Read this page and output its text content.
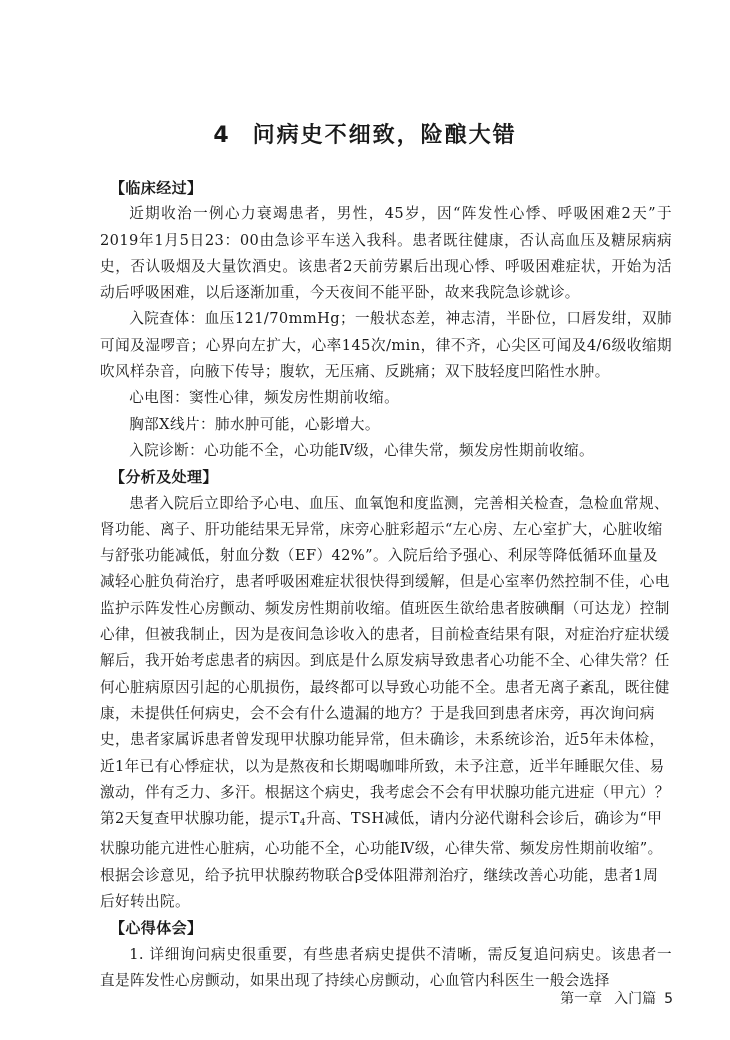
4 问病史不细致，险酿大错
【临床经过】

近期收治一例心力衰竭患者，男性，45岁，因“阵发性心悸、呼吸困难2天”于2019年1月5日23：00由急诊平车送入我科。患者既往健康，否认高血压及糖尿病病史，否认吸烟及大量饮酒史。该患者2天前劳累后出现心悸、呼吸困难症状，开始为活动后呼吸困难，以后逐渐加重，今天夜间不能平卧，故来我院急诊就诊。

入院查体：血压121/70mmHg；一般状态差，神志清，半卧位，口唇发绀，双肺可闻及湿啰音；心界向左扩大，心率145次/min，律不齐，心尖区可闻及4/6级收缩期吹风样杂音，向腋下传导；腹软，无压痛、反跳痛；双下肢轻度凹陷性水肿。

心电图：窦性心律，频发房性期前收缩。

胸部X线片：肺水肿可能，心影增大。

入院诊断：心功能不全，心功能Ⅳ级，心律失常，频发房性期前收缩。

【分析及处理】

患者入院后立即给予心电、血压、血氧饱和度监测，完善相关检查，急检血常规、肾功能、离子、肝功能结果无异常，床旁心脏彩超示“左心房、左心室扩大，心脏收缩与舒张功能减低，射血分数（EF）42%”。入院后给予强心、利尿等降低循环血量及减轻心脏负荷治疗，患者呼吸困难症状很快得到缓解，但是心室率仍然控制不佳，心电监护示阵发性心房颤动、频发房性期前收缩。值班医生欲给患者胺碘酮（可达龙）控制心律，但被我制止，因为是夜间急诊收入的患者，目前检查结果有限，对症治疗症状缓解后，我开始考虑患者的病因。到底是什么原发病导致患者心功能不全、心律失常？任何心脏病原因引起的心肌损伤，最终都可以导致心功能不全。患者无离子紊乱，既往健康，未提供任何病史，会不会有什么遗漏的地方？于是我回到患者床旁，再次询问病史，患者家属诉患者曾发现甲状腺功能异常，但未确诊，未系统诊治，近5年未体检，近1年已有心悸症状，以为是熬夜和长期喝咖啡所致，未予注意，近半年睡眠欠佳、易激动，伴有乏力、多汗。根据这个病史，我考虑会不会有甲状腺功能亢进症（甲亢）？第2天复查甲状腺功能，提示$T_4$升高、TSH减低，请内分泌代谢科会诊后，确诊为“甲状腺功能亢进性心脏病，心功能不全，心功能Ⅳ级，心律失常、频发房性期前收缩”。根据会诊意见，给予抗甲状腺药物联合β受体阻滞剂治疗，继续改善心功能，患者1周后好转出院。

【心得体会】

1. 详细询问病史很重要，有些患者病史提供不清晰，需反复追问病史。该患者一直是阵发性心房颤动，如果出现了持续心房颤动，心血管内科医生一般会选择

第一章 入门篇 5
